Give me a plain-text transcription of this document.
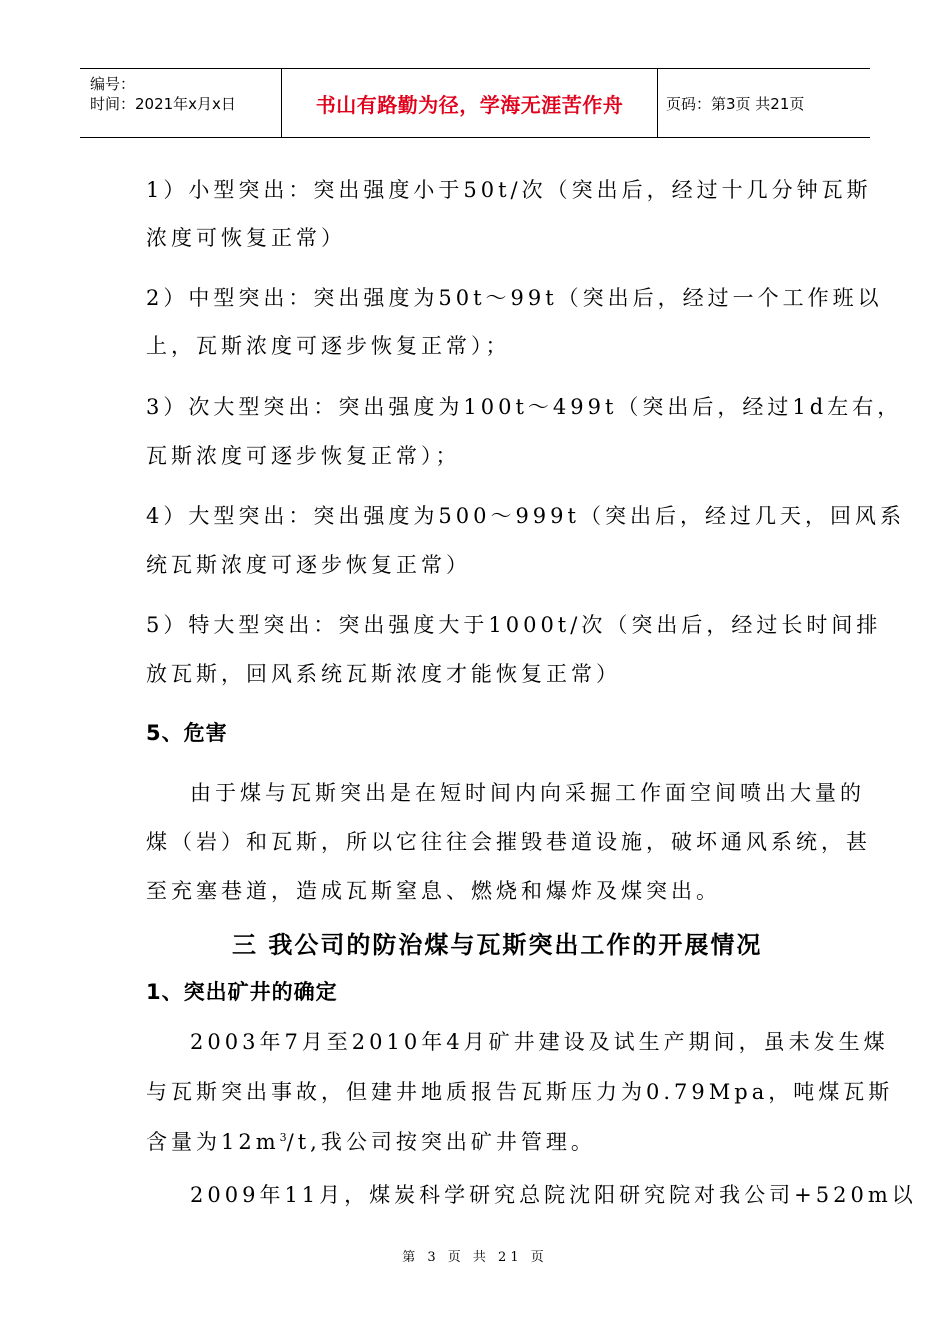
编号：
时间：2021年x月x日	书山有路勤为径，学海无涯苦作舟	页码：第3页 共21页
1）小型突出：突出强度小于50t/次（突出后，经过十几分钟瓦斯
浓度可恢复正常）
2）中型突出：突出强度为50t～99t（突出后，经过一个工作班以
上，瓦斯浓度可逐步恢复正常）；
3）次大型突出：突出强度为100t～499t（突出后，经过1d左右，
瓦斯浓度可逐步恢复正常）；
4）大型突出：突出强度为500～999t（突出后，经过几天，回风系
统瓦斯浓度可逐步恢复正常）
5）特大型突出：突出强度大于1000t/次（突出后，经过长时间排
放瓦斯，回风系统瓦斯浓度才能恢复正常）
5、危害
由于煤与瓦斯突出是在短时间内向采掘工作面空间喷出大量的
煤（岩）和瓦斯，所以它往往会摧毁巷道设施，破坏通风系统，甚
至充塞巷道，造成瓦斯窒息、燃烧和爆炸及煤突出。
三 我公司的防治煤与瓦斯突出工作的开展情况
1、突出矿井的确定
2003年7月至2010年4月矿井建设及试生产期间，虽未发生煤
与瓦斯突出事故，但建井地质报告瓦斯压力为0.79Mpa，吨煤瓦斯
含量为$12m^3/t$,我公司按突出矿井管理。
2009年11月，煤炭科学研究总院沈阳研究院对我公司+520m以
第 3 页 共 21 页
